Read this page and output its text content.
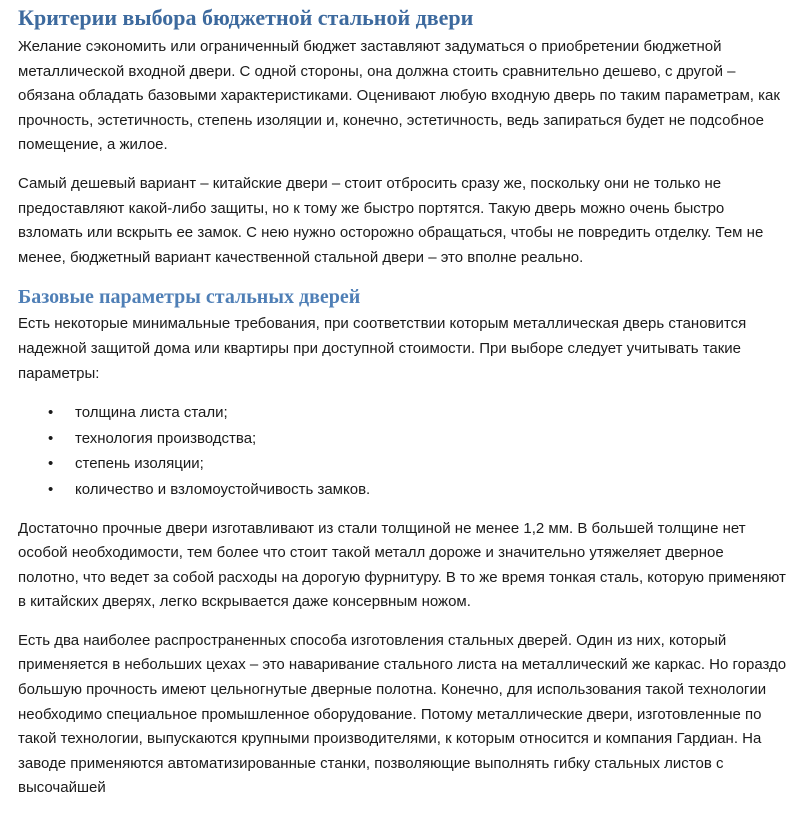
Критерии выбора бюджетной стальной двери

Желание сэкономить или ограниченный бюджет заставляют задуматься о приобретении бюджетной металлической входной двери. С одной стороны, она должна стоить сравнительно дешево, с другой – обязана обладать базовыми характеристиками. Оценивают любую входную дверь по таким параметрам, как прочность, эстетичность, степень изоляции и, конечно, эстетичность, ведь запираться будет не подсобное помещение, а жилое.

Самый дешевый вариант – китайские двери – стоит отбросить сразу же, поскольку они не только не предоставляют какой-либо защиты, но к тому же быстро портятся. Такую дверь можно очень быстро взломать или вскрыть ее замок. С нею нужно осторожно обращаться, чтобы не повредить отделку. Тем не менее, бюджетный вариант качественной стальной двери – это вполне реально.

Базовые параметры стальных дверей

Есть некоторые минимальные требования, при соответствии которым металлическая дверь становится надежной защитой дома или квартиры при доступной стоимости. При выборе следует учитывать такие параметры:

• толщина листа стали;
• технология производства;
• степень изоляции;
• количество и взломоустойчивость замков.

Достаточно прочные двери изготавливают из стали толщиной не менее 1,2 мм. В большей толщине нет особой необходимости, тем более что стоит такой металл дороже и значительно утяжеляет дверное полотно, что ведет за собой расходы на дорогую фурнитуру. В то же время тонкая сталь, которую применяют в китайских дверях, легко вскрывается даже консервным ножом.

Есть два наиболее распространенных способа изготовления стальных дверей. Один из них, который применяется в небольших цехах – это наваривание стального листа на металлический же каркас. Но гораздо большую прочность имеют цельногнутые дверные полотна. Конечно, для использования такой технологии необходимо специальное промышленное оборудование. Потому металлические двери, изготовленные по такой технологии, выпускаются крупными производителями, к которым относится и компания Гардиан. На заводе применяются автоматизированные станки, позволяющие выполнять гибку стальных листов с высочайшей
